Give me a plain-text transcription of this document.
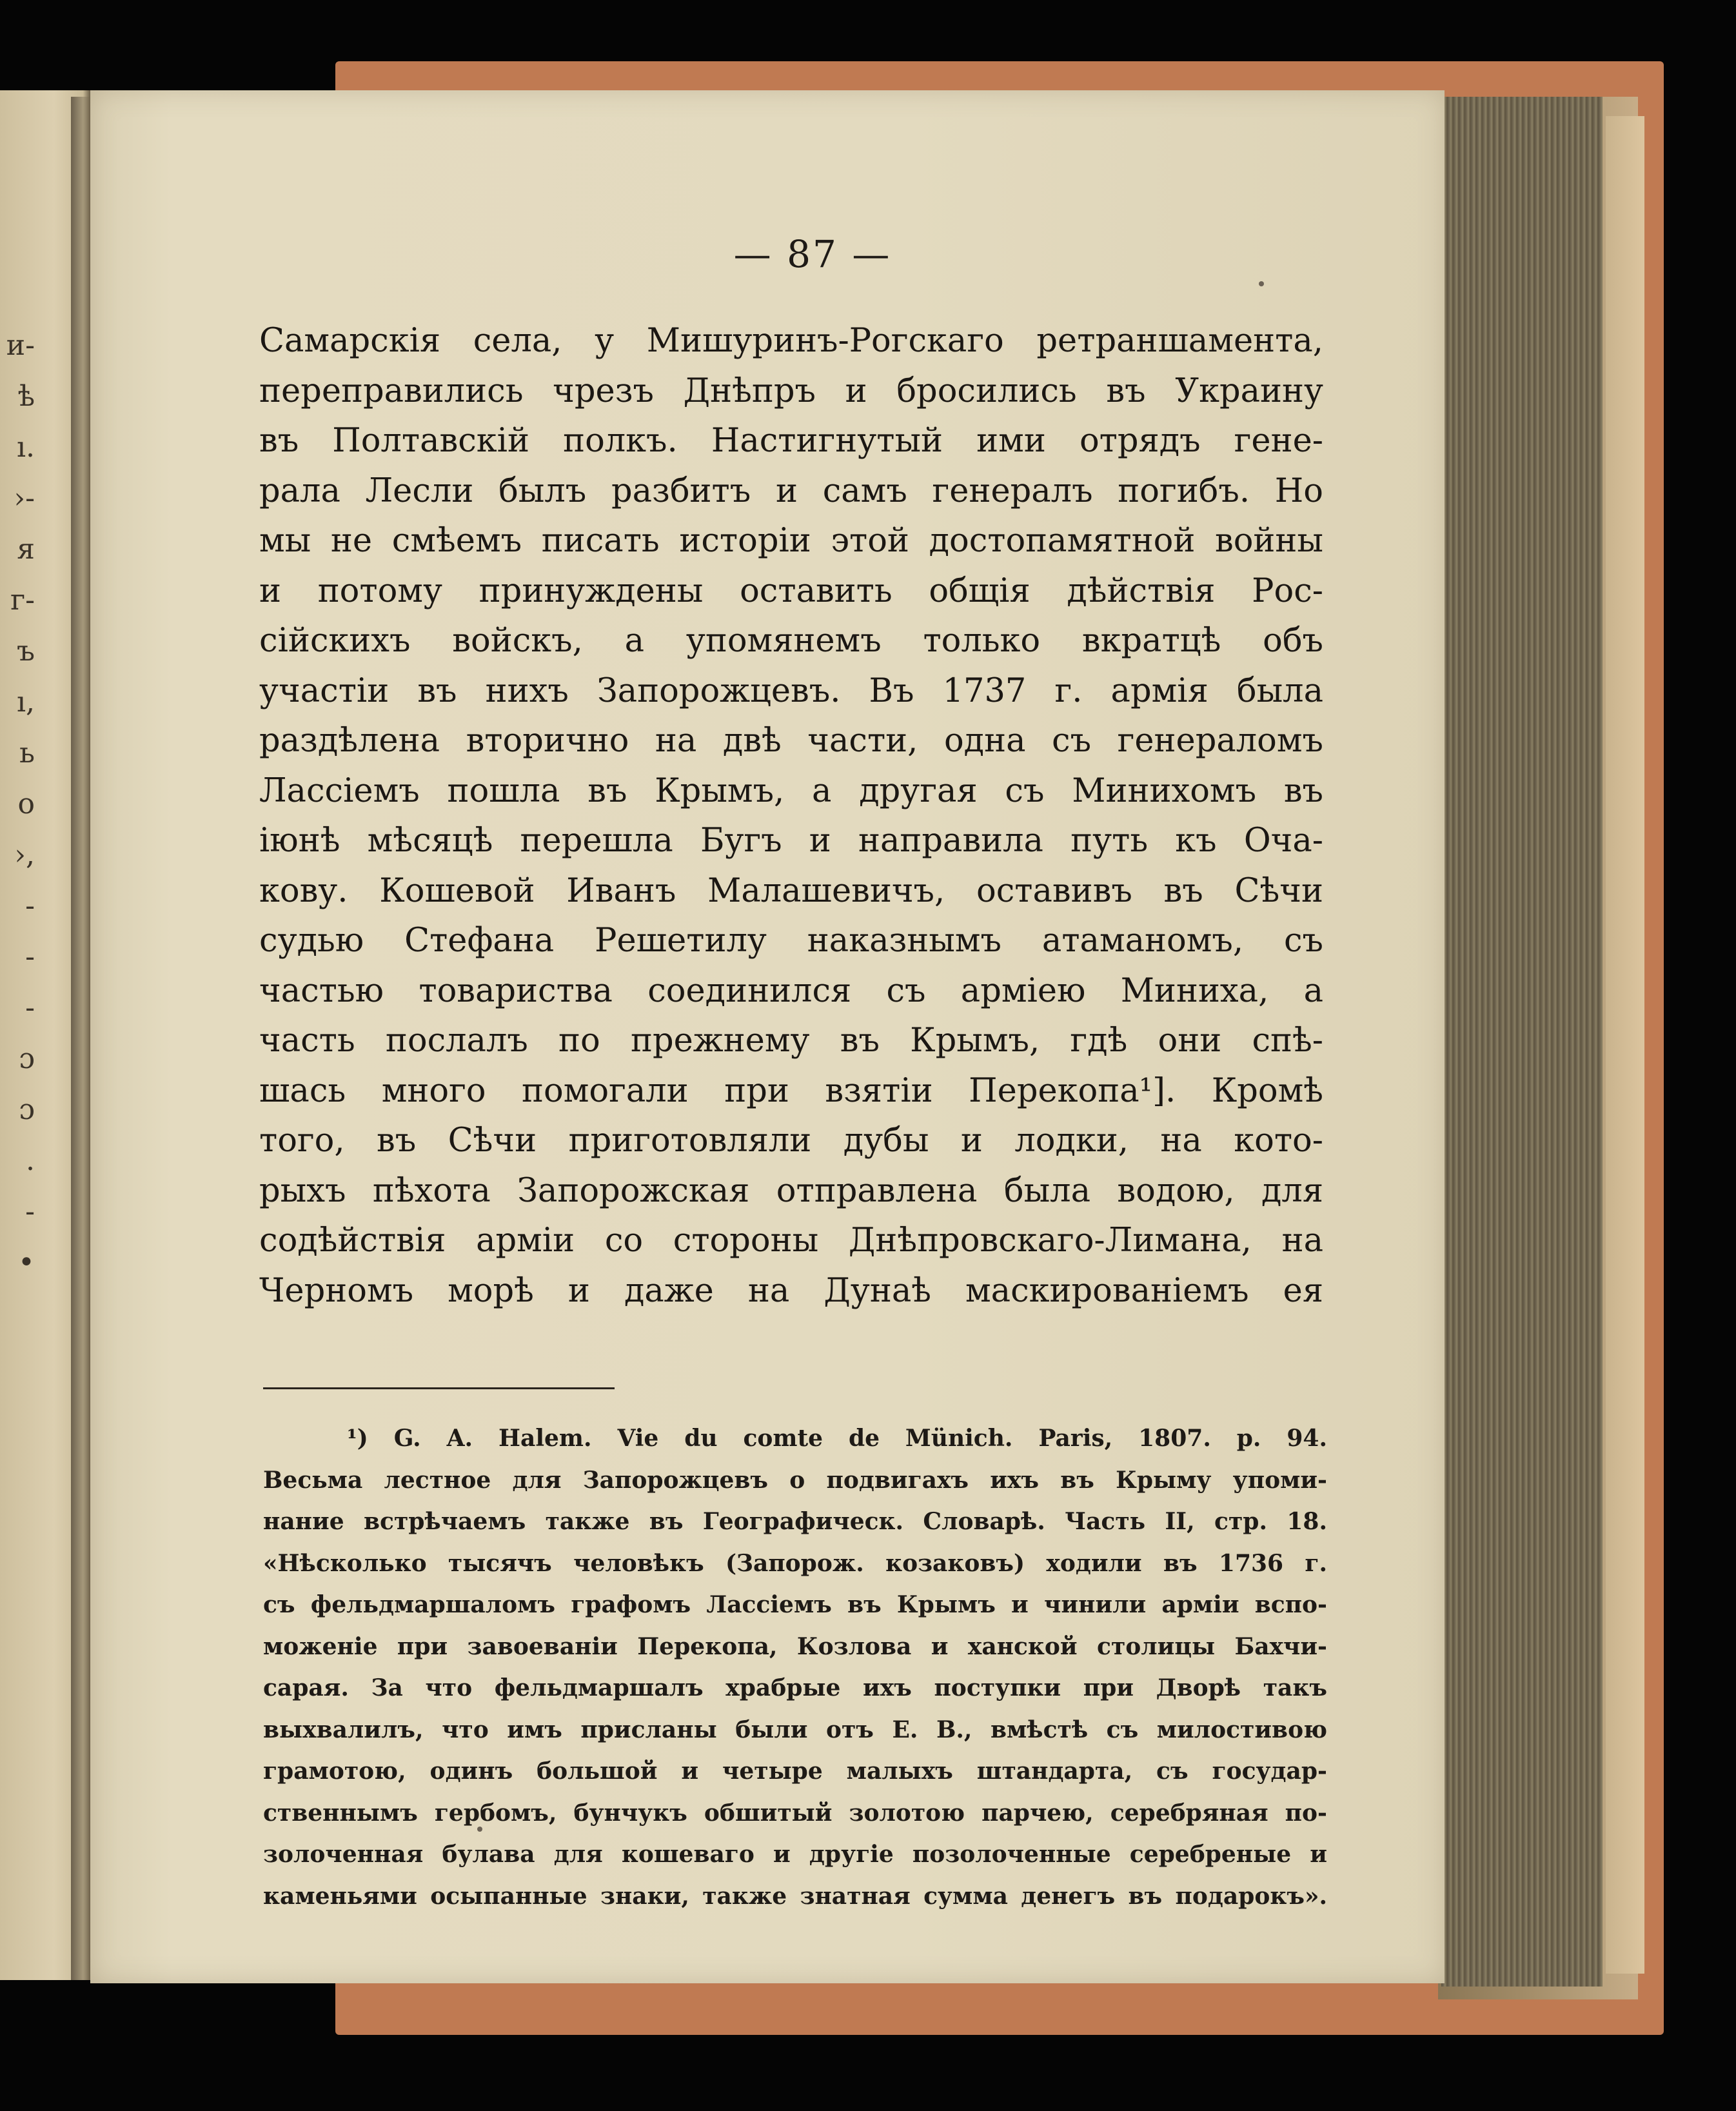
и-
ѣ
ı.
›-
я
г-
ъ
ı,
ь
о
›,
-
-
-
ɔ
ɔ
.
-
•
— 87 —
Самарскія села, у Мишуринъ-Рогскаго ретраншамента,
переправились чрезъ Днѣпръ и бросились въ Украину
въ Полтавскій полкъ. Настигнутый ими отрядъ гене-
рала Лесли былъ разбитъ и самъ генералъ погибъ. Но
мы не смѣемъ писать исторіи этой достопамятной войны
и потому принуждены оставить общія дѣйствія Рос-
сійскихъ войскъ, а упомянемъ только вкратцѣ объ
участіи въ нихъ Запорожцевъ. Въ 1737 г. армія была
раздѣлена вторично на двѣ части, одна съ генераломъ
Лассіемъ пошла въ Крымъ, а другая съ Минихомъ въ
іюнѣ мѣсяцѣ перешла Бугъ и направила путь къ Оча-
кову. Кошевой Иванъ Малашевичъ, оставивъ въ Сѣчи
судью Стефана Решетилу наказнымъ атаманомъ, съ
частью товариства соединился съ арміею Миниха, а
часть послалъ по прежнему въ Крымъ, гдѣ они спѣ-
шась много помогали при взятіи Перекопа¹]. Кромѣ
того, въ Сѣчи приготовляли дубы и лодки, на кото-
рыхъ пѣхота Запорожская отправлена была водою, для
содѣйствія арміи со стороны Днѣпровскаго-Лимана, на
Черномъ морѣ и даже на Дунаѣ маскированіемъ ея
¹) G. A. Halem. Vie du comte de Münich. Paris, 1807. p. 94.
Весьма лестное для Запорожцевъ о подвигахъ ихъ въ Крыму упоми-
нание встрѣчаемъ также въ Географическ. Словарѣ. Часть II, стр. 18.
«Нѣсколько тысячъ человѣкъ (Запорож. козаковъ) ходили въ 1736 г.
съ фельдмаршаломъ графомъ Лассіемъ въ Крымъ и чинили арміи вспо-
моженіе при завоеваніи Перекопа, Козлова и ханской столицы Бахчи-
сарая. За что фельдмаршалъ храбрые ихъ поступки при Дворѣ такъ
выхвалилъ, что имъ присланы были отъ Е. В., вмѣстѣ съ милостивою
грамотою, одинъ большой и четыре малыхъ штандарта, съ государ-
ственнымъ гербомъ, бунчукъ обшитый золотою парчею, серебряная по-
золоченная булава для кошеваго и другіе позолоченные серебреные и
каменьями осыпанные знаки, также знатная сумма денегъ въ подарокъ».
